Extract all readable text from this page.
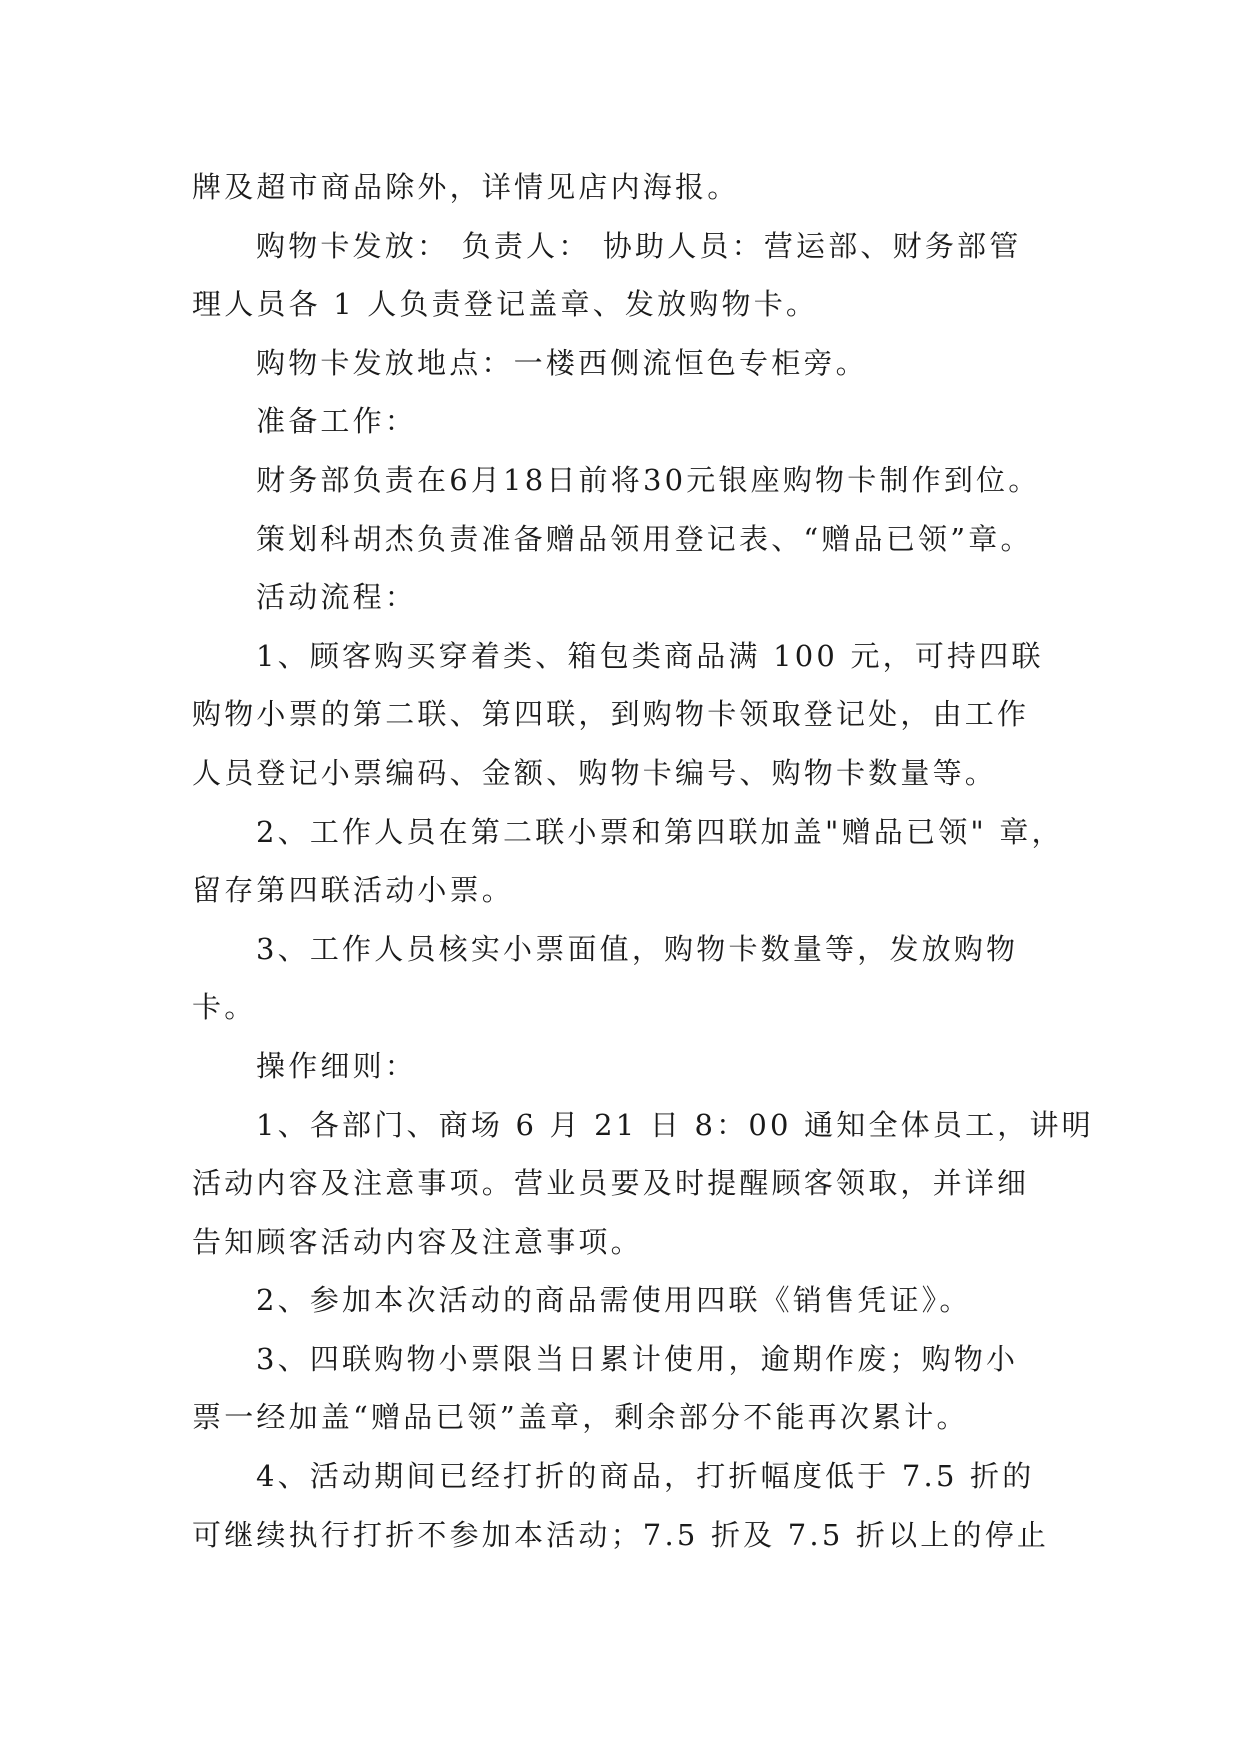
牌及超市商品除外，详情见店内海报。
购物卡发放： 负责人： 协助人员：营运部、财务部管
理人员各 1 人负责登记盖章、发放购物卡。
购物卡发放地点：一楼西侧流恒色专柜旁。
准备工作：
财务部负责在6月18日前将30元银座购物卡制作到位。
策划科胡杰负责准备赠品领用登记表、“赠品已领”章。
活动流程：
1、顾客购买穿着类、箱包类商品满 100 元，可持四联
购物小票的第二联、第四联，到购物卡领取登记处，由工作
人员登记小票编码、金额、购物卡编号、购物卡数量等。
2、工作人员在第二联小票和第四联加盖"赠品已领" 章，
留存第四联活动小票。
3、工作人员核实小票面值，购物卡数量等，发放购物
卡。
操作细则：
1、各部门、商场 6 月 21 日 8：00 通知全体员工，讲明
活动内容及注意事项。营业员要及时提醒顾客领取，并详细
告知顾客活动内容及注意事项。
2、参加本次活动的商品需使用四联《销售凭证》。
3、四联购物小票限当日累计使用，逾期作废；购物小
票一经加盖“赠品已领”盖章，剩余部分不能再次累计。
4、活动期间已经打折的商品，打折幅度低于 7.5 折的
可继续执行打折不参加本活动；7.5 折及 7.5 折以上的停止
